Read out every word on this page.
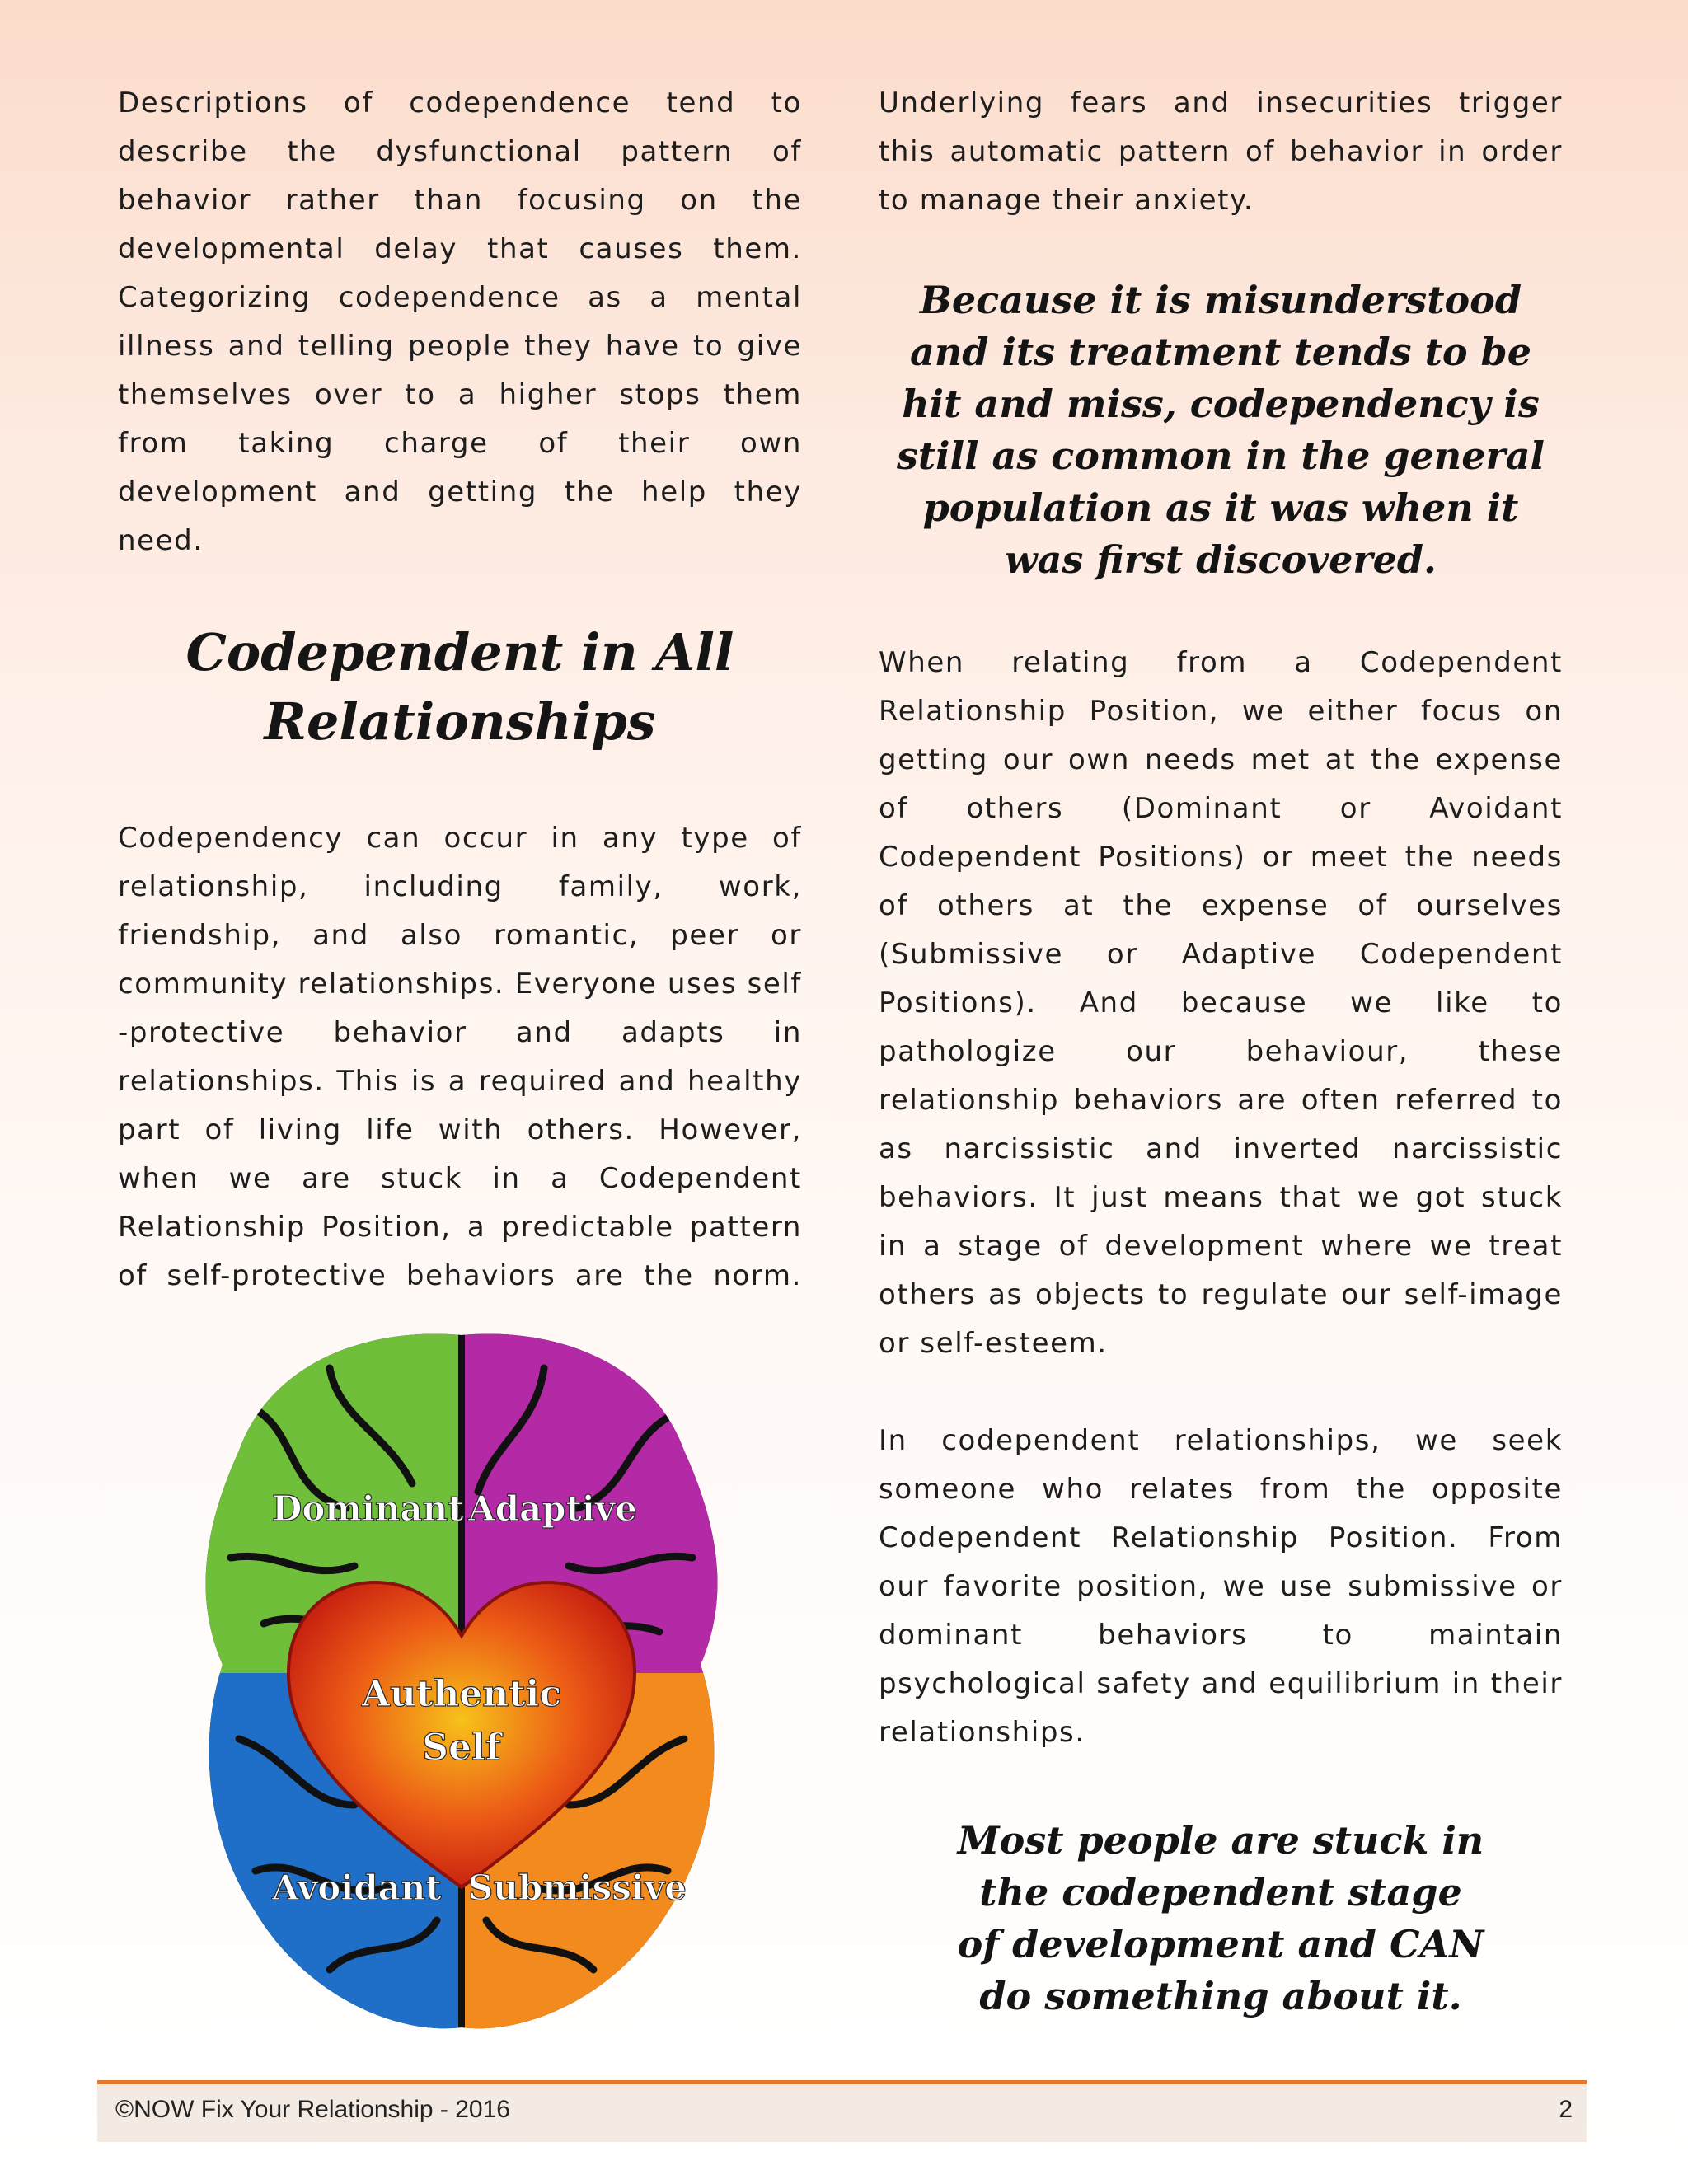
Descriptions of codependence tend to describe the dysfunctional pattern of behavior rather than focusing on the developmental delay that causes them. Categorizing codependence as a mental illness and telling people they have to give themselves over to a higher stops them from taking charge of their own development and getting the help they need.

Codependent in All Relationships

Codependency can occur in any type of relationship, including family, work, friendship, and also romantic, peer or community relationships. Everyone uses self -protective behavior and adapts in relationships. This is a required and healthy part of living life with others. However, when we are stuck in a Codependent Relationship Position, a predictable pattern of self-protective behaviors are the norm.

Dominant Adaptive
Authentic
Self
Avoidant Submissive

Underlying fears and insecurities trigger this automatic pattern of behavior in order to manage their anxiety.

Because it is misunderstood and its treatment tends to be hit and miss, codependency is still as common in the general population as it was when it was first discovered.

When relating from a Codependent Relationship Position, we either focus on getting our own needs met at the expense of others (Dominant or Avoidant Codependent Positions) or meet the needs of others at the expense of ourselves (Submissive or Adaptive Codependent Positions). And because we like to pathologize our behaviour, these relationship behaviors are often referred to as narcissistic and inverted narcissistic behaviors. It just means that we got stuck in a stage of development where we treat others as objects to regulate our self-image or self-esteem.

In codependent relationships, we seek someone who relates from the opposite Codependent Relationship Position. From our favorite position, we use submissive or dominant behaviors to maintain psychological safety and equilibrium in their relationships.

Most people are stuck in the codependent stage of development and CAN do something about it.

©NOW Fix Your Relationship - 2016	2
